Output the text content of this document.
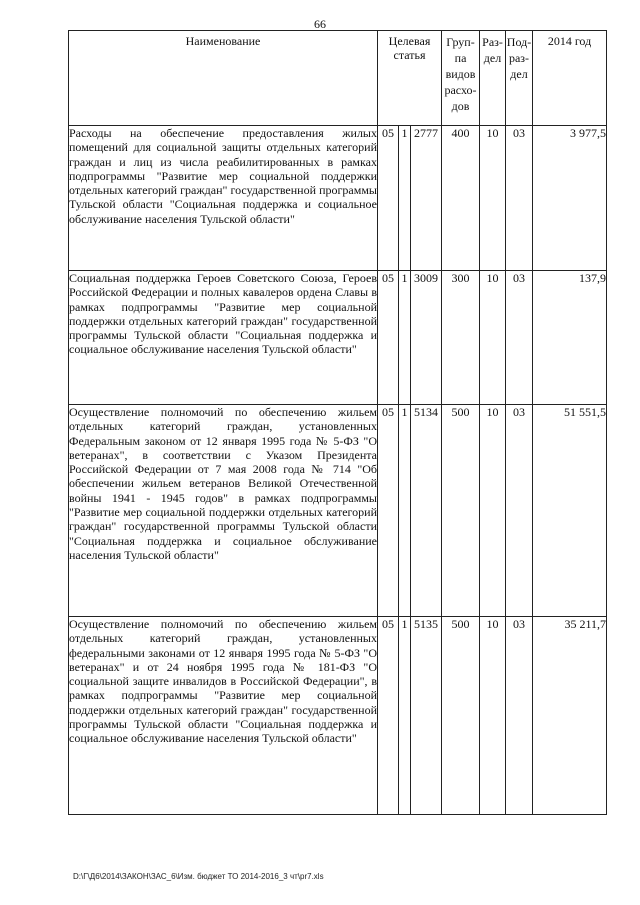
66
Наименование	Целевая статья			Груп-па видов расхо-дов	Раз-дел	Под-раз-дел	2014 год
Расходы на обеспечение предоставления жилых помещений для социальной защиты отдельных категорий граждан и лиц из числа реабилитированных в рамках подпрограммы "Развитие мер социальной поддержки отдельных категорий граждан" государственной программы Тульской области "Социальная поддержка и социальное обслуживание населения Тульской области"	05	1	2777	400	10	03	3 977,5
Социальная поддержка Героев Советского Союза, Героев Российской Федерации и полных кавалеров ордена Славы в рамках подпрограммы "Развитие мер социальной поддержки отдельных категорий граждан" государственной программы Тульской области "Социальная поддержка и социальное обслуживание населения Тульской области"	05	1	3009	300	10	03	137,9
Осуществление полномочий по обеспечению жильем отдельных категорий граждан, установленных Федеральным законом от 12 января 1995 года № 5-ФЗ "О ветеранах", в соответствии с Указом Президента Российской Федерации от 7 мая 2008 года № 714 "Об обеспечении жильем ветеранов Великой Отечественной войны 1941 - 1945 годов" в рамках подпрограммы "Развитие мер социальной поддержки отдельных категорий граждан" государственной программы Тульской области "Социальная поддержка и социальное обслуживание населения Тульской области"	05	1	5134	500	10	03	51 551,5
Осуществление полномочий по обеспечению жильем отдельных категорий граждан, установленных федеральными законами от 12 января 1995 года № 5-ФЗ "О ветеранах" и от 24 ноября 1995 года № 181-ФЗ "О социальной защите инвалидов в Российской Федерации", в рамках подпрограммы "Развитие мер социальной поддержки отдельных категорий граждан" государственной программы Тульской области "Социальная поддержка и социальное обслуживание населения Тульской области"	05	1	5135	500	10	03	35 211,7
D:\Г\Д6\2014\ЗАКОН\ЗАС_6\Изм. бюджет ТО 2014-2016_3 чт\pr7.xls
